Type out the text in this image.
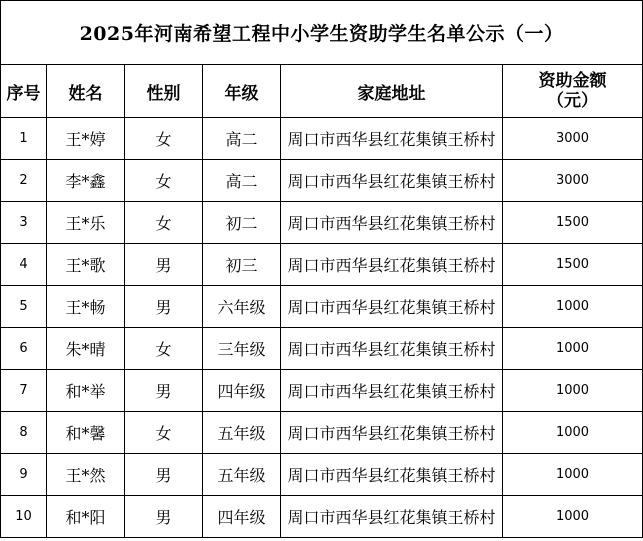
2025年河南希望工程中小学生资助学生名单公示（一）					
序号	姓名	性别	年级	家庭地址	资助金额
（元）

1	王*婷	女	高二	周口市西华县红花集镇王桥村	3000
2	李*鑫	女	高二	周口市西华县红花集镇王桥村	3000
3	王*乐	女	初二	周口市西华县红花集镇王桥村	1500
4	王*歌	男	初三	周口市西华县红花集镇王桥村	1500
5	王*畅	男	六年级	周口市西华县红花集镇王桥村	1000
6	朱*晴	女	三年级	周口市西华县红花集镇王桥村	1000
7	和*举	男	四年级	周口市西华县红花集镇王桥村	1000
8	和*馨	女	五年级	周口市西华县红花集镇王桥村	1000
9	王*然	男	五年级	周口市西华县红花集镇王桥村	1000
10	和*阳	男	四年级	周口市西华县红花集镇王桥村	1000
